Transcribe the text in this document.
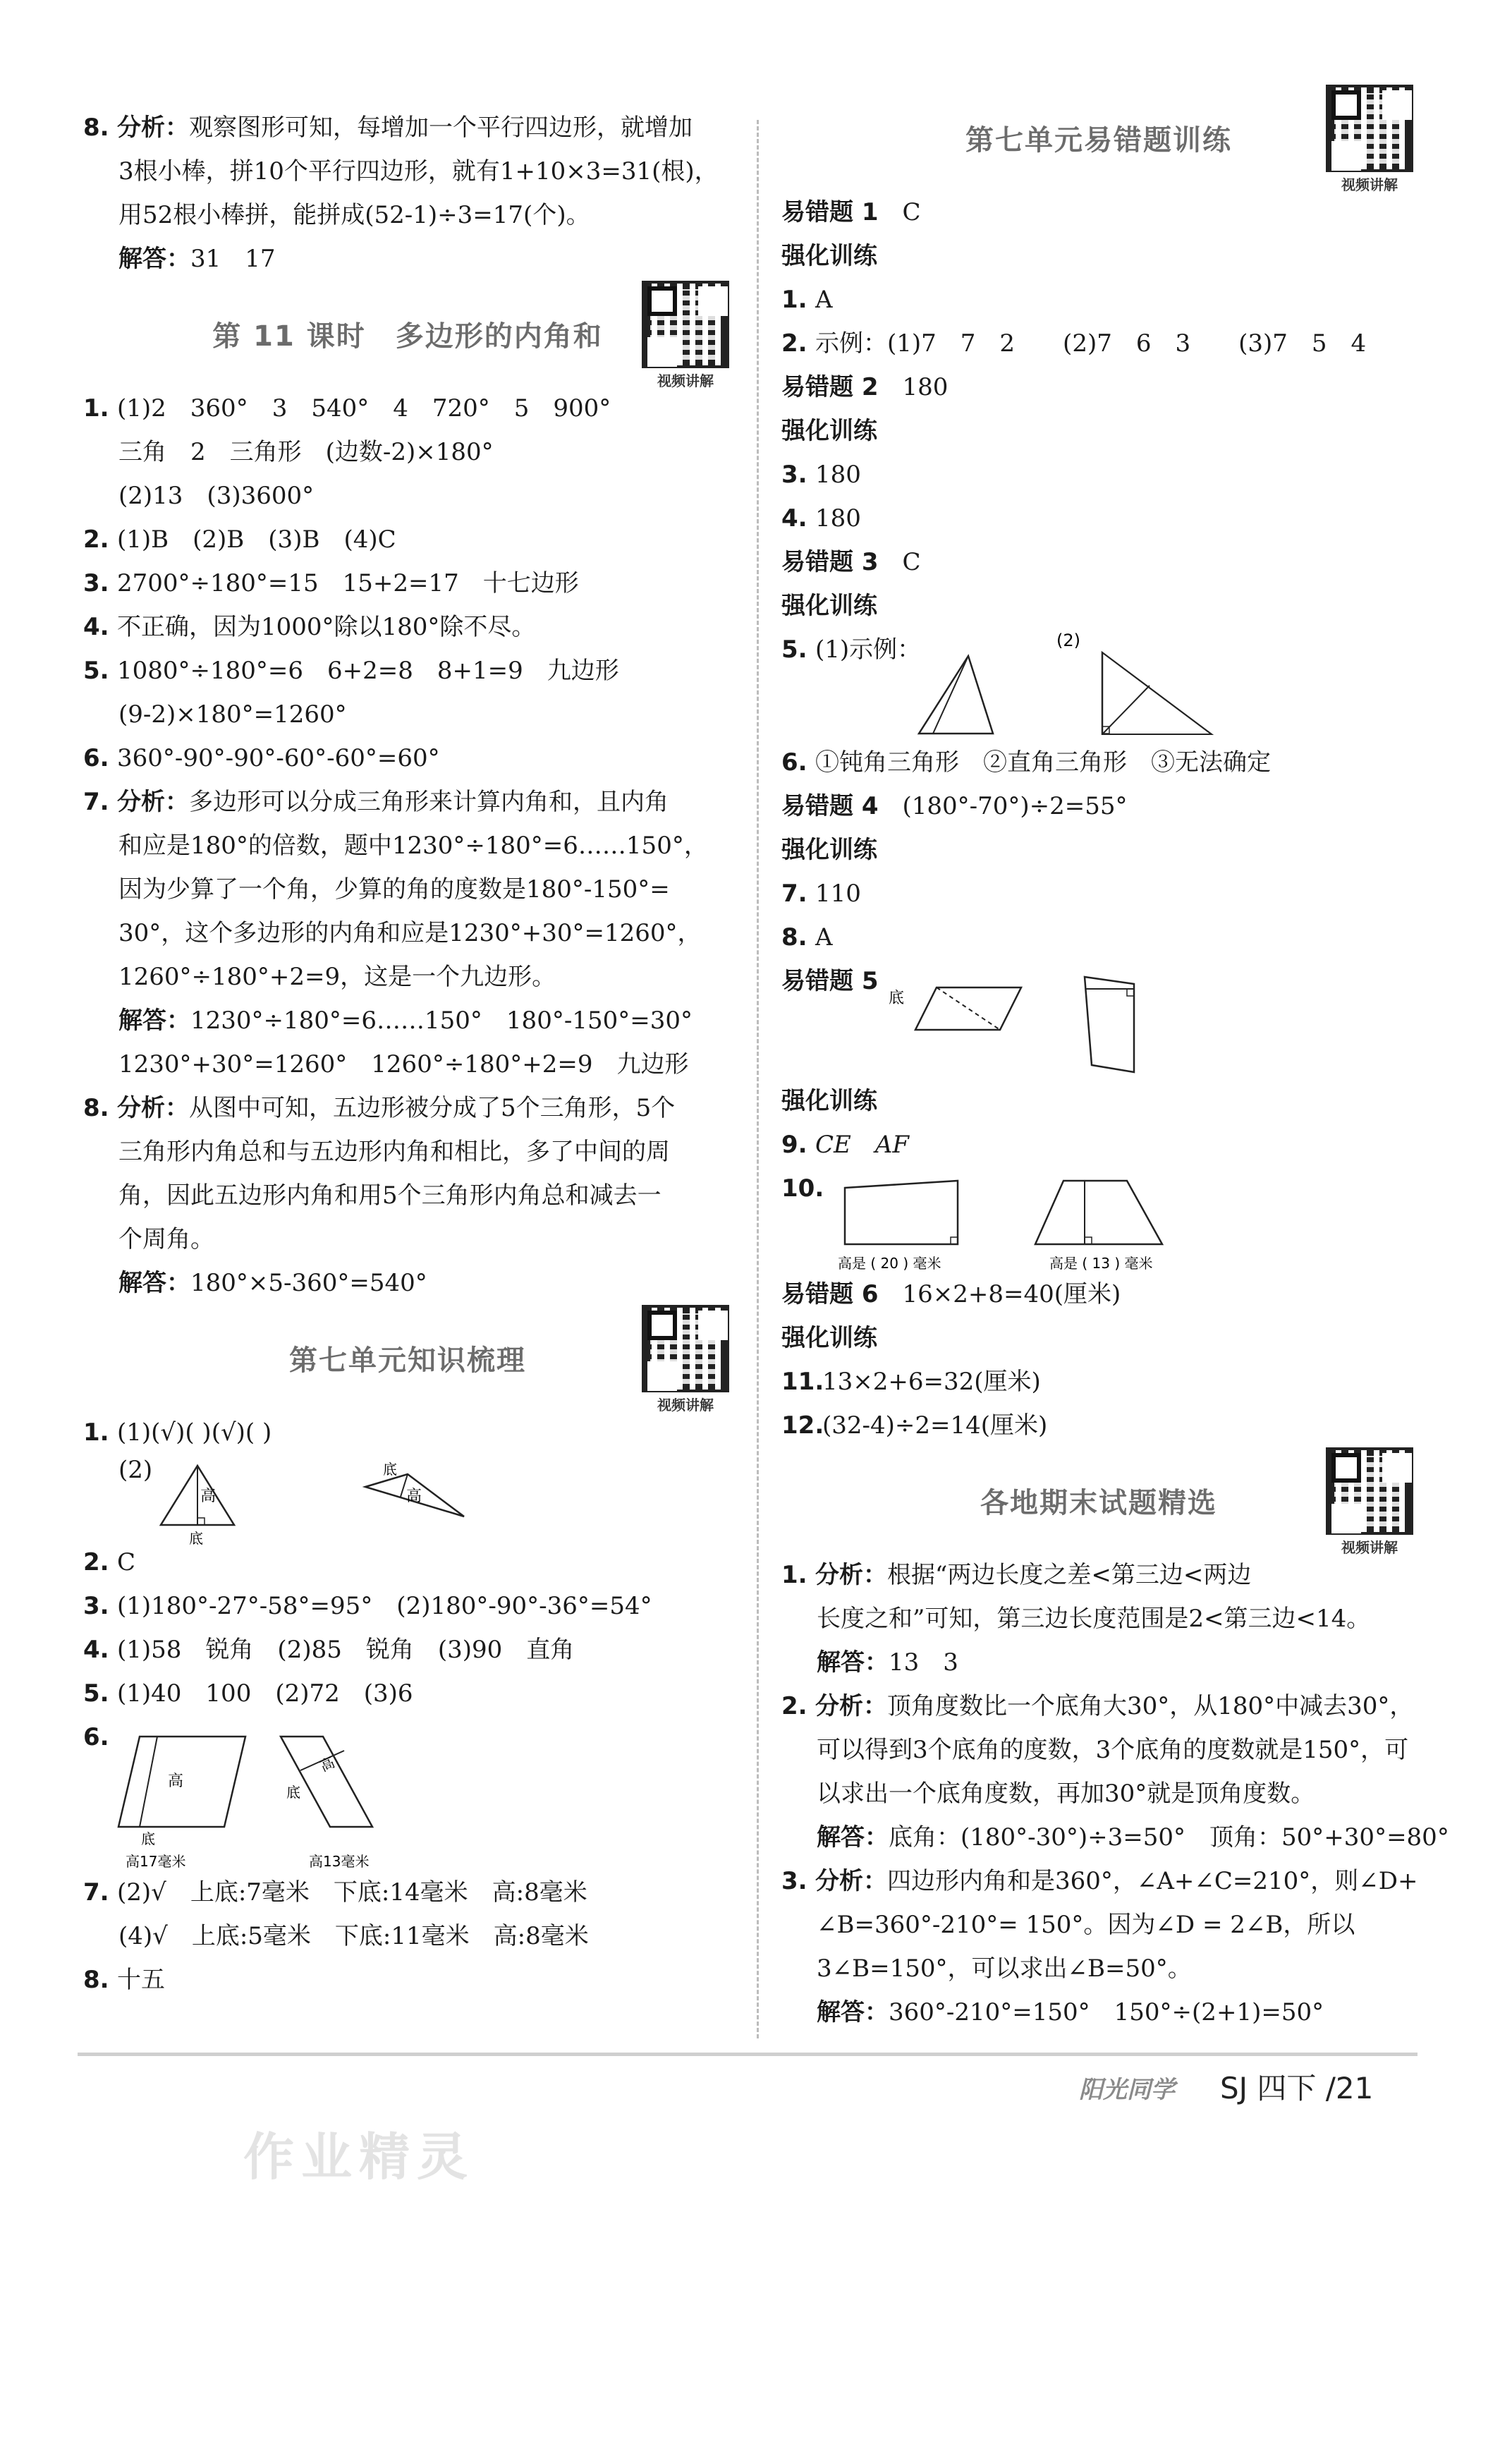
8. 分析：观察图形可知，每增加一个平行四边形，就增加
3根小棒，拼10个平行四边形，就有1+10×3=31(根)，
用52根小棒拼，能拼成(52-1)÷3=17(个)。
解答：31　17
第 11 课时　多边形的内角和
视频讲解
1. (1)2　360°　3　540°　4　720°　5　900°
三角　2　三角形　(边数-2)×180°
(2)13　(3)3600°
2. (1)B　(2)B　(3)B　(4)C
3. 2700°÷180°=15　15+2=17　十七边形
4. 不正确，因为1000°除以180°除不尽。
5. 1080°÷180°=6　6+2=8　8+1=9　九边形
(9-2)×180°=1260°
6. 360°-90°-90°-60°-60°=60°
7. 分析：多边形可以分成三角形来计算内角和，且内角
和应是180°的倍数，题中1230°÷180°=6……150°，
因为少算了一个角，少算的角的度数是180°-150°=
30°，这个多边形的内角和应是1230°+30°=1260°，
1260°÷180°+2=9，这是一个九边形。
解答：1230°÷180°=6……150°　180°-150°=30°
1230°+30°=1260°　1260°÷180°+2=9　九边形
8. 分析：从图中可知，五边形被分成了5个三角形，5个
三角形内角总和与五边形内角和相比，多了中间的周
角，因此五边形内角和用5个三角形内角总和减去一
个周角。
解答：180°×5-360°=540°
第七单元知识梳理
视频讲解
1. (1)(√)( )(√)( )
(2)
高
底
底
高
2. C
3. (1)180°-27°-58°=95°　(2)180°-90°-36°=54°
4. (1)58　锐角　(2)85　锐角　(3)90　直角
5. (1)40　100　(2)72　(3)6
6.
高
底
高17毫米
高
底
高13毫米
7. (2)√　上底:7毫米　下底:14毫米　高:8毫米
(4)√　上底:5毫米　下底:11毫米　高:8毫米
8. 十五
第七单元易错题训练
视频讲解
易错题 1　C
强化训练
1. A
2. 示例：(1)7　7　2　　(2)7　6　3　　(3)7　5　4
易错题 2　180
强化训练
3. 180
4. 180
易错题 3　C
强化训练
5. (1)示例：	(2)
6. ①钝角三角形　②直角三角形　③无法确定
易错题 4　(180°-70°)÷2=55°
强化训练
7. 110
8. A
易错题 5
底
强化训练
9. CE　AF
10.
高是 ( 20 ) 毫米	高是 ( 13 ) 毫米
易错题 6　16×2+8=40(厘米)
强化训练
11.13×2+6=32(厘米)
12.(32-4)÷2=14(厘米)
各地期末试题精选
视频讲解
1. 分析：根据“两边长度之差<第三边<两边
长度之和”可知，第三边长度范围是2<第三边<14。
解答：13　3
2. 分析：顶角度数比一个底角大30°，从180°中减去30°，
可以得到3个底角的度数，3个底角的度数就是150°，可
以求出一个底角度数，再加30°就是顶角度数。
解答：底角：(180°-30°)÷3=50°　顶角：50°+30°=80°
3. 分析：四边形内角和是360°，∠A+∠C=210°，则∠D+
∠B=360°-210°= 150°。因为∠D = 2∠B，所以
3∠B=150°，可以求出∠B=50°。
解答：360°-210°=150°　150°÷(2+1)=50°
阳光同学 SJ 四下 /21
作业精灵
